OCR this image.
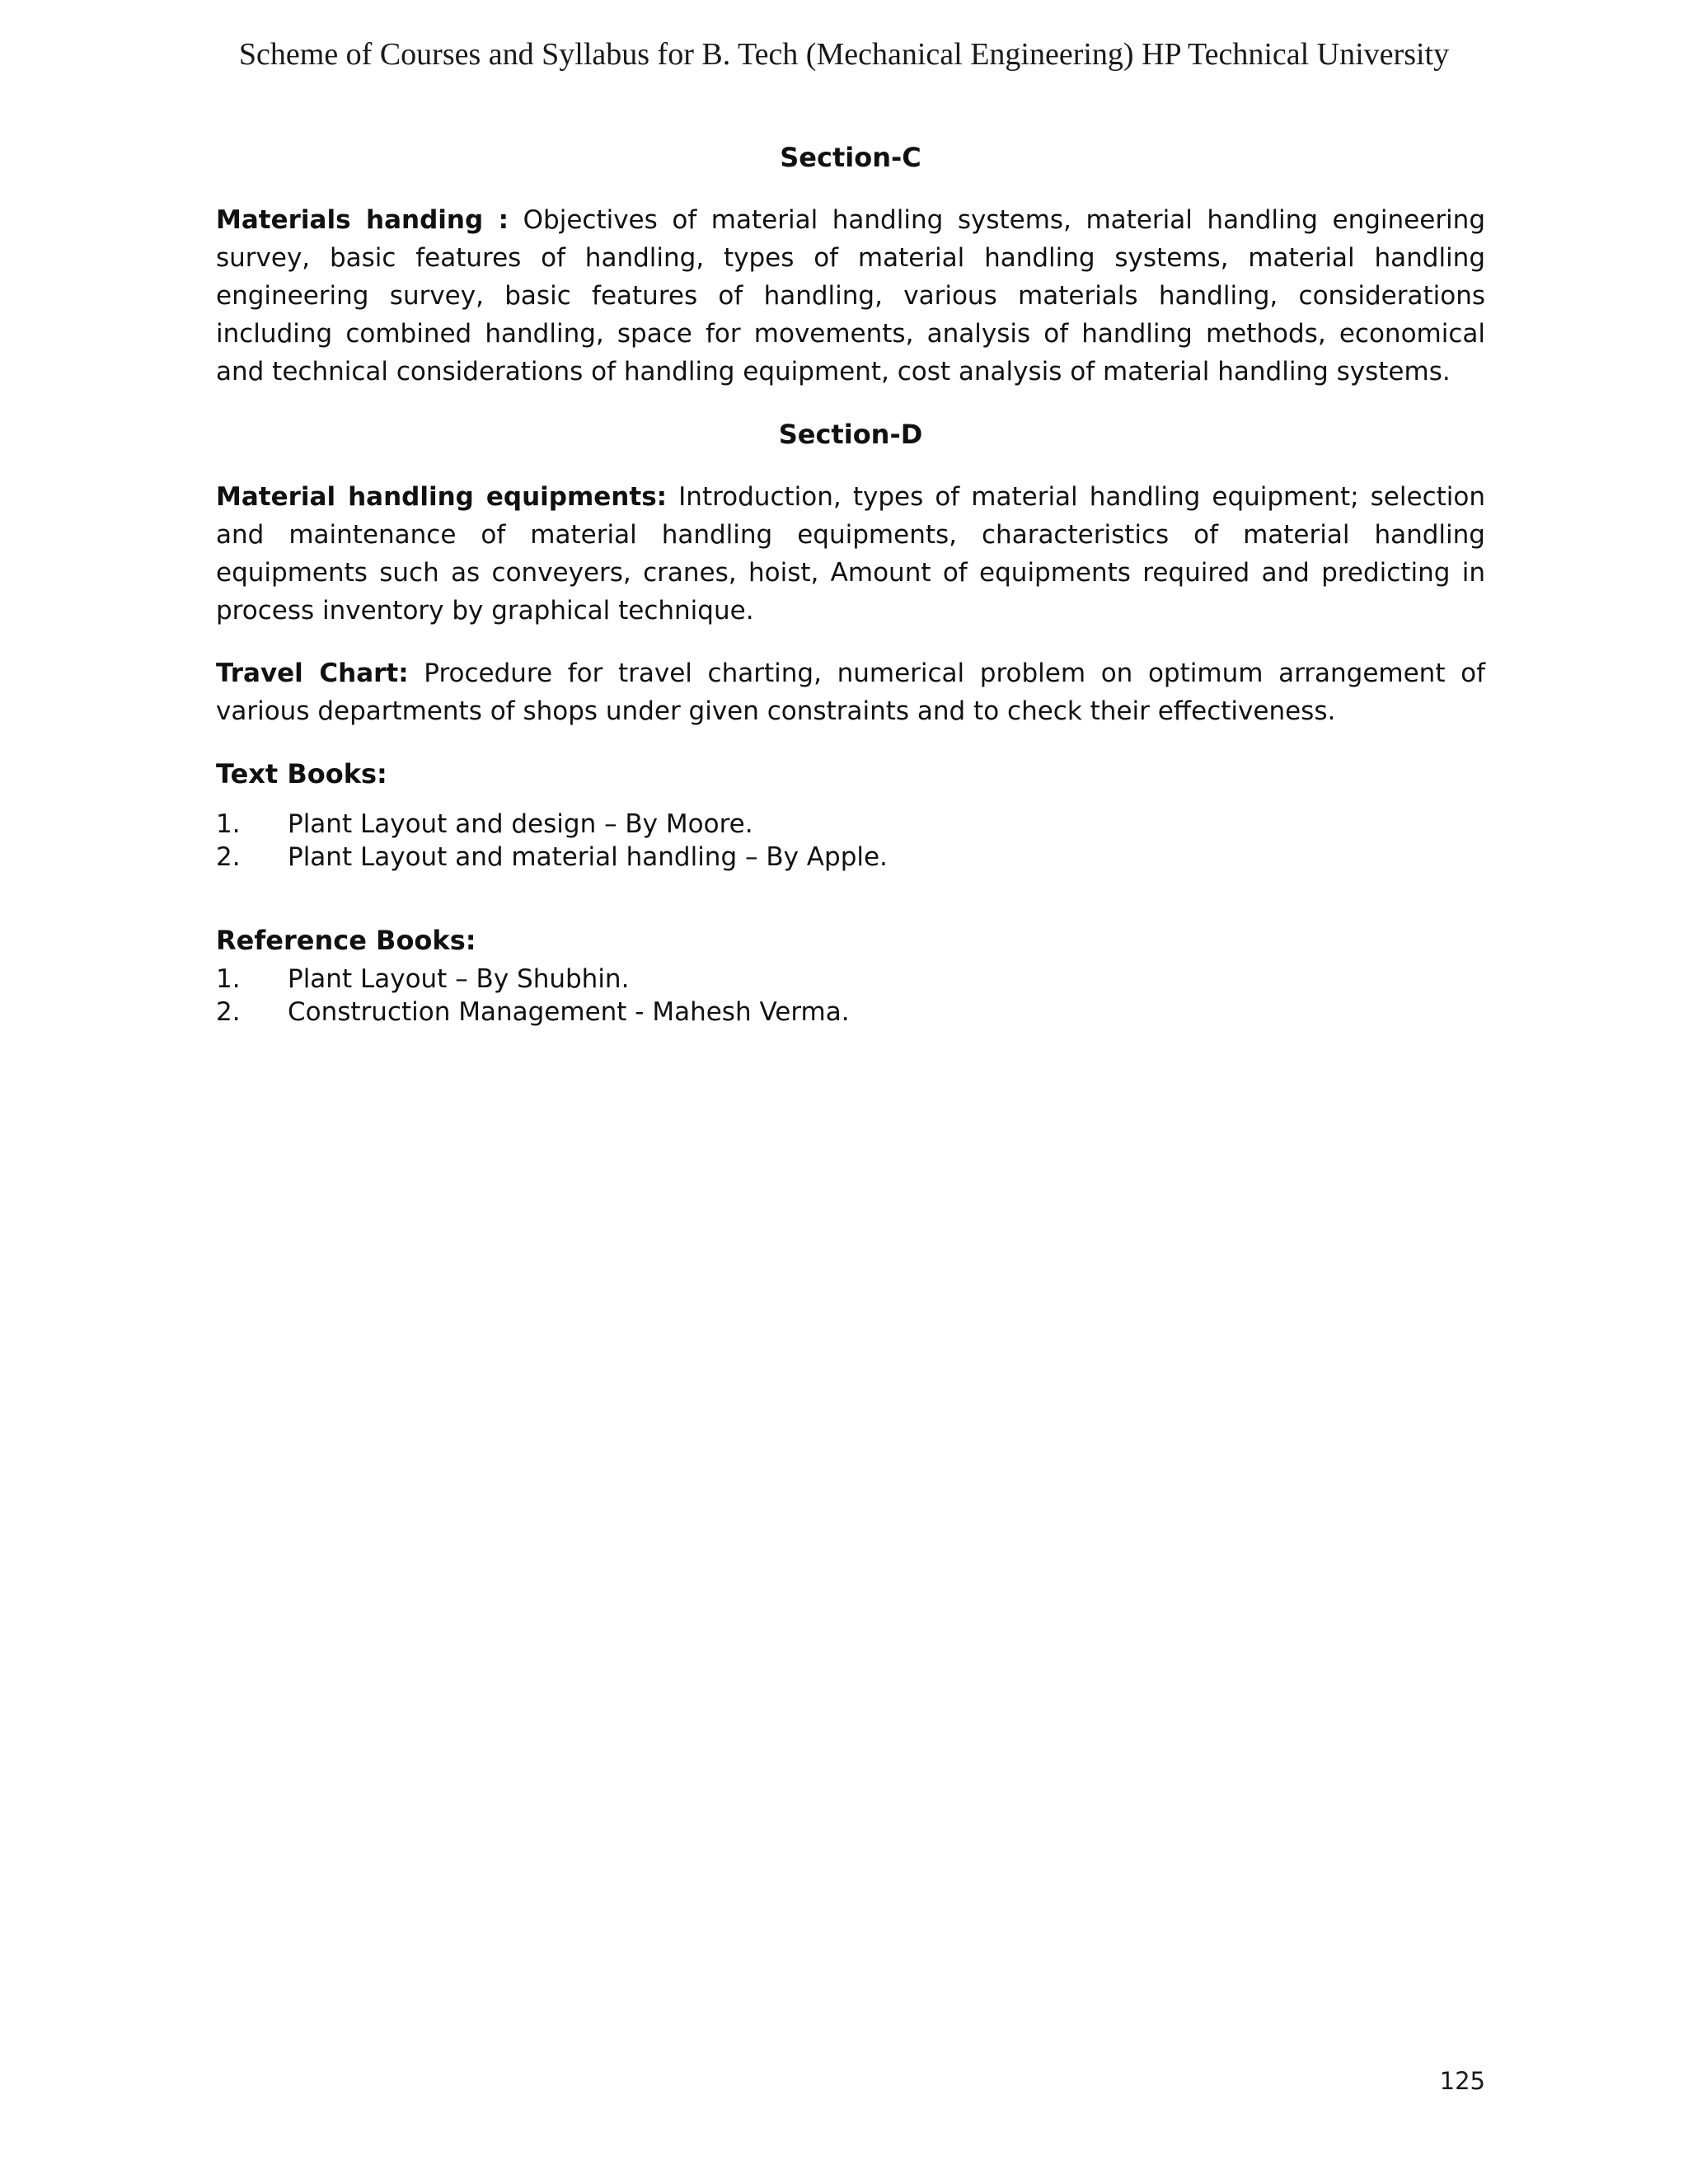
Scheme of Courses and Syllabus for B. Tech (Mechanical Engineering) HP Technical University
Section-C

Materials handing : Objectives of material handling systems, material handling engineering survey, basic features of handling, types of material handling systems, material handling engineering survey, basic features of handling, various materials handling, considerations including combined handling, space for movements, analysis of handling methods, economical and technical considerations of handling equipment, cost analysis of material handling systems.

Section-D

Material handling equipments: Introduction, types of material handling equipment; selection and maintenance of material handling equipments, characteristics of material handling equipments such as conveyers, cranes, hoist, Amount of equipments required and predicting in process inventory by graphical technique.

Travel Chart: Procedure for travel charting, numerical problem on optimum arrangement of various departments of shops under given constraints and to check their effectiveness.

Text Books:
1.	Plant Layout and design – By Moore.
2.	Plant Layout and material handling – By Apple.
Reference Books:
1.	Plant Layout – By Shubhin.
2.	Construction Management - Mahesh Verma.
125
